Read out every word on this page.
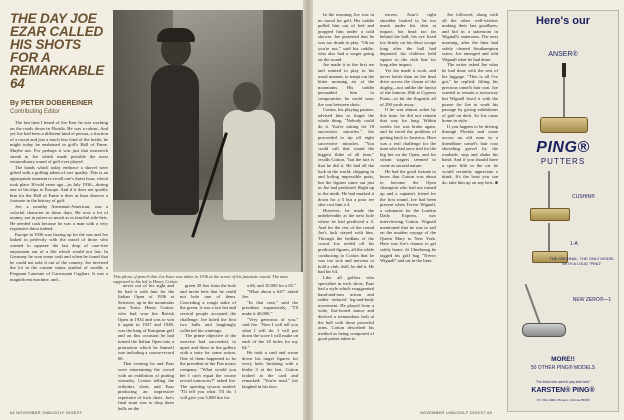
THE DAY JOE EZAR CALLED HIS SHOTS FOR A REMARKABLE 64
By PETER DOBEREINER
Contributing Editor

The last time I heard of Joe Ezar he was working on the roads down in Florida. He was a robust, And yet Joe had been a different kind of person, a fraction of a rascal and just a touch less fond of the bottle, he might today be enshrined in golf's Hall of Fame. Maybe not. For perhaps it was just that mavenick streak in Joe which made possible the most extraordinary round of golf ever played.

The hands which today embrace a shovel were gifted with a golfing talent of rare quality. This is an appropriate moment to recall one's finest hour, which took place 30-odd years ago—in July 1936—during one of his trips to Europe. And if it does not qualify him for the Hall of Fame it does at least deserve a footnote in the history of golf.

Joe, a swarthy Armenian-American, was a colorful character in those days. He won a lot of money, not in prizes so much as in fanciful side-bets. He needed cash because he was a man with a very expensive thirst indeed.

Europe in 1936 was fizzing up for the war and Joe linked in perfectly with the mood of those who wanted to squeeze the last drop of care-free enjoyment out of a life which would not last. In Germany he won some cash and when he found that he could not take it out of the country, Joe invested the lot in the current status symbol of wealth, a Pregnant Laureate of Carrozzani Cagliari. It was a magnificent machine, and...

This photo of pencil-thin Joe Ezar was taken in 1936 at the scene of his fantastic round. The man supposed to his left is Henry Cotton.

never out of his sight and he had it with him for the Italian Open of 1936 at Sestriere, up in the mountains near Turin. Henry Cotton, who had won the British Open in 1934 and was to win it again in 1937 and 1948, was the king of European golf and on this occasion he had turned the Italian Open into a promotion which he himself was including a course-record 66.

That evening he and Ezar were entertaining the crowd with an exhibition of putting wizardry, Cotton telling the orthodox shots and Ezar producing an impressive repertoire of trick shots. Joe's final stunt was to drop three balls on the

green 20 feet from the hole and invite bets that he could not hole one of them. Conceding a rough stake of the green, it was a fair bet and several people accepted the challenge. Joe holed the first two balls and laughingly collected his winnings.

The prime objective of the exercise had succeeded, to upset and those in the gallery with a taste for some action. One of them happened to be the president of the Fiat motor company. "What would you bet I can't equal the course record tomorrow?" asked Joe. The sporting tycoon smiled: "I'll tell you what. I'll do. I will give you 5,000 lire for

a 66, and 10,000 for a 65."

"What about a 64?" asked Joe.

"In that case," said the president expansively, "I'll make it 40,000."

"Very generous of you," said Joe. "Now I will tell you what I will do. I will put down the score I will make on each of the 18 holes for my 64."

He took a card and wrote down his target figures for every hole, finishing with a birdie 3 at the last. Cotton looked at the card and remarked: "You're mad." Joe laughed in his face.

In the morning Joe was in no mood for golf. His caddie pulled him out of bed and propped him under a cold shower. Joe protested that he was too drunk to play. "Oh no you're not," said his caddie, who also had a wager going on the round.

Joe made it to the first tee and wanted to play in his usual manner, to tempt out the bitter morning air of the mountains. His caddie persuaded him to compromise, he could wear the coat between shots.

Cotton, his playing partner, advised him to forget the whole thing. "Nobody could do it. You're asking for 18 successive miracles." Joe proceeded to rip off eight successive miracles. "You could call that round the biggest fluke of all time," recalls Cotton, "but the fact is that he did it. He had all the luck in the world, chipping in and holing impossible putts, but the figures came out just as Joe had predicted. Right up to the ninth. He had marked it down for a 5 but a poor tee shot cost him a 4.

However, he made the unbelievable at the next hole where he had predicted a 4. And for the rest of the round Joe's luck stayed with him. Through the bedlam of the crowd Joe reeled off his predicted figures, all the while conducting to Cotton that he was too sick and nervous to hold a club. Still, he did it. He had his 64.

Like all golfers who specialize in trick shots, Ezar had a style which exaggerated hand-and-arm action and rather reduced leg-and-body movement. He played from a wide, flat-footed stance and derived a tremendous lash at the ball with those powerful arms. Cotton described his method as being composed of good points taken to

excess. Ezar's right shoulder looked to be too much under his chin at impact; his head too far behind the ball; his eye fixed too firmly on his divot scrape long after the ball had departed; his clubface held square to the club line for long after impact.

Yet Joe made it work, and never better than on the final drive across the chasm of the dogleg—not unlike the layout of the famous 18th at Cypress Point—to hit the flagstick all of 290 yards away.

If he was almost sober by this time, he did not remain that way for long. Within weeks Joe was broke again, and he faced the problem of getting back to America. Here was a real challenge for the man who had once tied for the big bet on the Open, and for whom wagers seemed to come as second nature.

He had the good fortune to know that Cotton was about to become the Open champion who had not turned up and a captain's friend for the first round. Joe had been present when Trevor Wignall, a columnist for the London Daily Express, was interviewing Cotton. Wignall mentioned that he was to sail on the maiden voyage of the Queen Mary to New York. Here was Joe's chance to get safely home. At Cherbourg he tagged his golf bag "Trevor Wignall" and sat in the liner.

Joe followed, along with all the other well-wishers making their last goodbyes, and hid in a stateroom in Wignall's stateroom. The next morning, after the liner had safely cleared Southampton water, Joe emerged and told Wignall what he had done.

The writer asked Joe what he had done with the rest of his luggage. "This is all I've got," he replied, lifting his precious camel's hair coat. Joe wanted to remain a stowaway but Wignall fixed it with the purser for Joe to work his passage by giving exhibitions of golf on deck. So Joe came home in style.

If you happen to be driving through Florida and come across an old man in a threadbare camel's hair coat shoveling gravel by the roadside, stop and shake his hand. And if you should have a spare fifth in the car he would certainly appreciate a drink. It's the least you can do, take him up on any bets. ■

64 NOVEMBER 1980/GOLF DIGEST	NOVEMBER 1980/GOLF DIGEST 65
Here's our
ANSER®
PING®
PUTTERS
CUSHIN®
1-A
THE ORIGINAL. THE ONLY MODEL WITH A LOUD "PING"
NEW ZERO®—1
MORE!!
50 OTHER PING® MODELS
"For those who want to play their best"
KARSTEN® PING®
P.O. Box 9990, Phoenix, Arizona 85068
